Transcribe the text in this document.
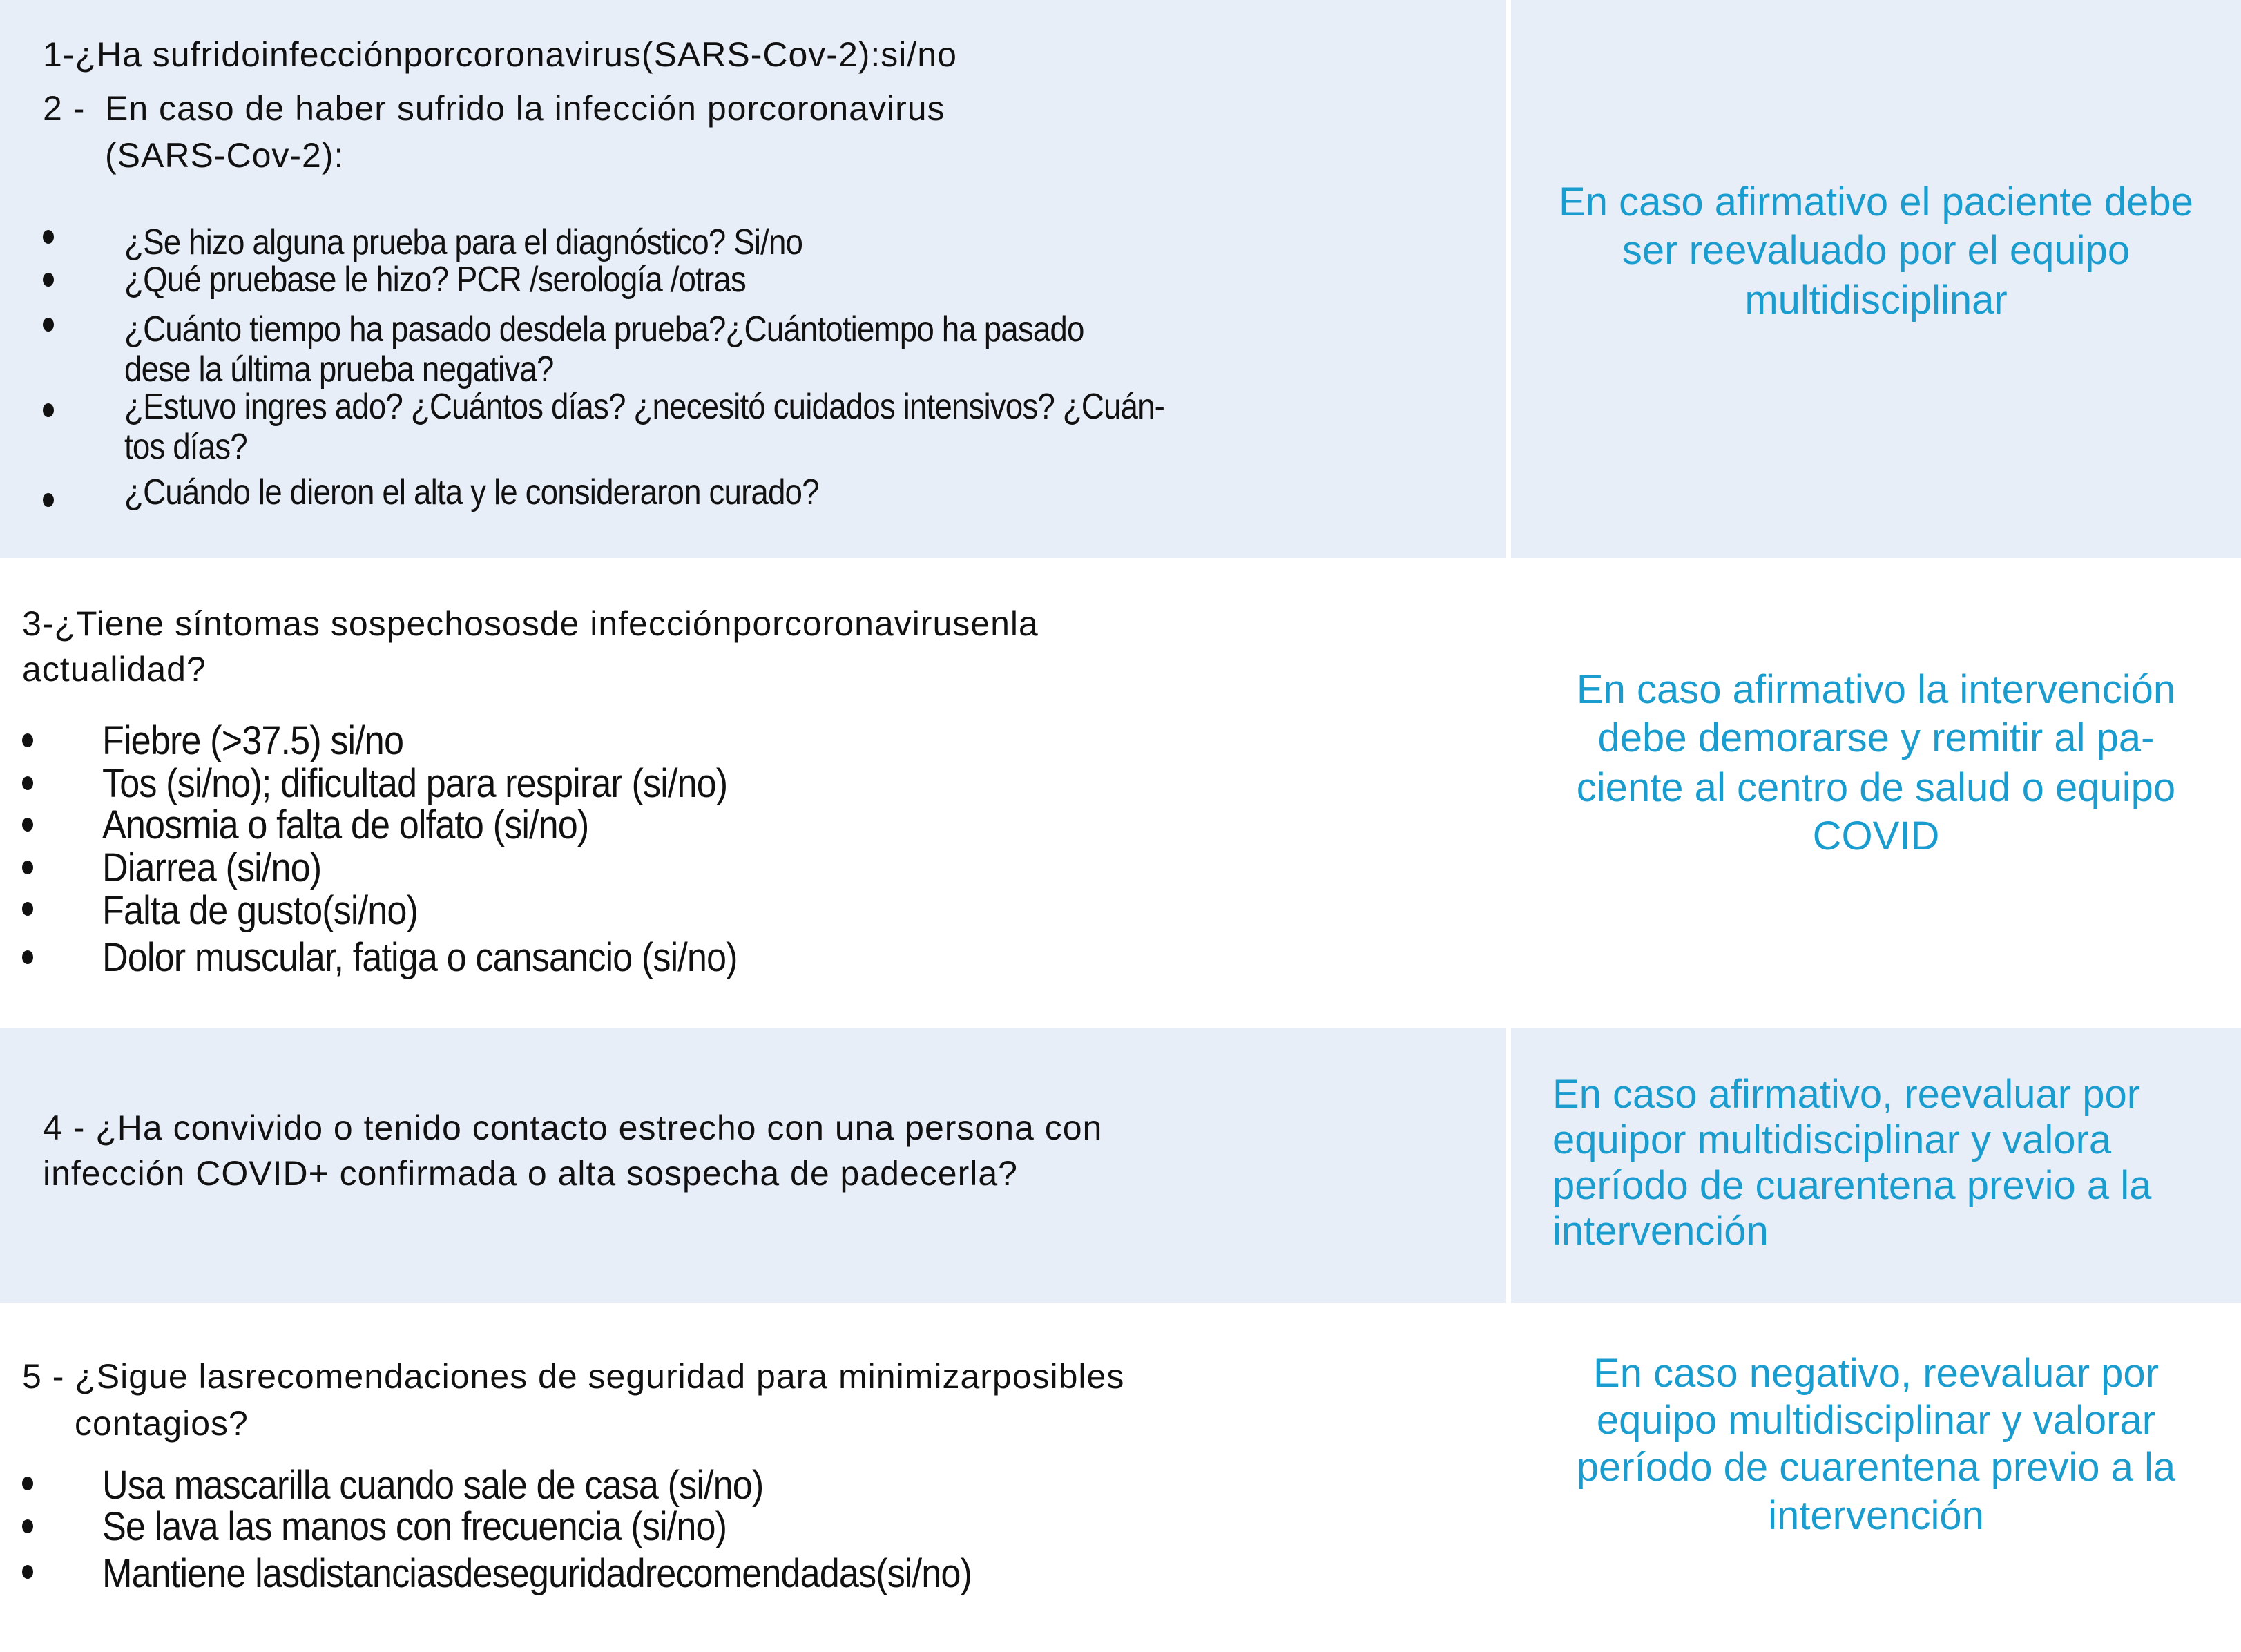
1-¿Ha sufridoinfecciónporcoronavirus(SARS-Cov-2):si/no
2 - En caso de haber sufrido la infección porcoronavirus
(SARS-Cov-2):
¿Se hizo alguna prueba para el diagnóstico? Si/no
¿Qué pruebase le hizo? PCR /serología /otras
¿Cuánto tiempo ha pasado desdela prueba?¿Cuántotiempo ha pasado
dese la última prueba negativa?
¿Estuvo ingres ado? ¿Cuántos días? ¿necesitó cuidados intensivos? ¿Cuán-
tos días?
¿Cuándo le dieron el alta y le consideraron curado?
En caso afirmativo el paciente debe
ser reevaluado por el equipo
multidisciplinar
3-¿Tiene síntomas sospechososde infecciónporcoronavirusenla
actualidad?
Fiebre (>37.5) si/no
Tos (si/no); dificultad para respirar (si/no)
Anosmia o falta de olfato (si/no)
Diarrea (si/no)
Falta de gusto(si/no)
Dolor muscular, fatiga o cansancio (si/no)
En caso afirmativo la intervención
debe demorarse y remitir al pa-
ciente al centro de salud o equipo
COVID
4 - ¿Ha convivido o tenido contacto estrecho con una persona con
infección COVID+ confirmada o alta sospecha de padecerla?
En caso afirmativo, reevaluar por
equipor multidisciplinar y valora
período de cuarentena previo a la
intervención
5 - ¿Sigue lasrecomendaciones de seguridad para minimizarposibles
contagios?
Usa mascarilla cuando sale de casa (si/no)
Se lava las manos con frecuencia (si/no)
Mantiene lasdistanciasdeseguridadrecomendadas(si/no)
En caso negativo, reevaluar por
equipo multidisciplinar y valorar
período de cuarentena previo a la
intervención
